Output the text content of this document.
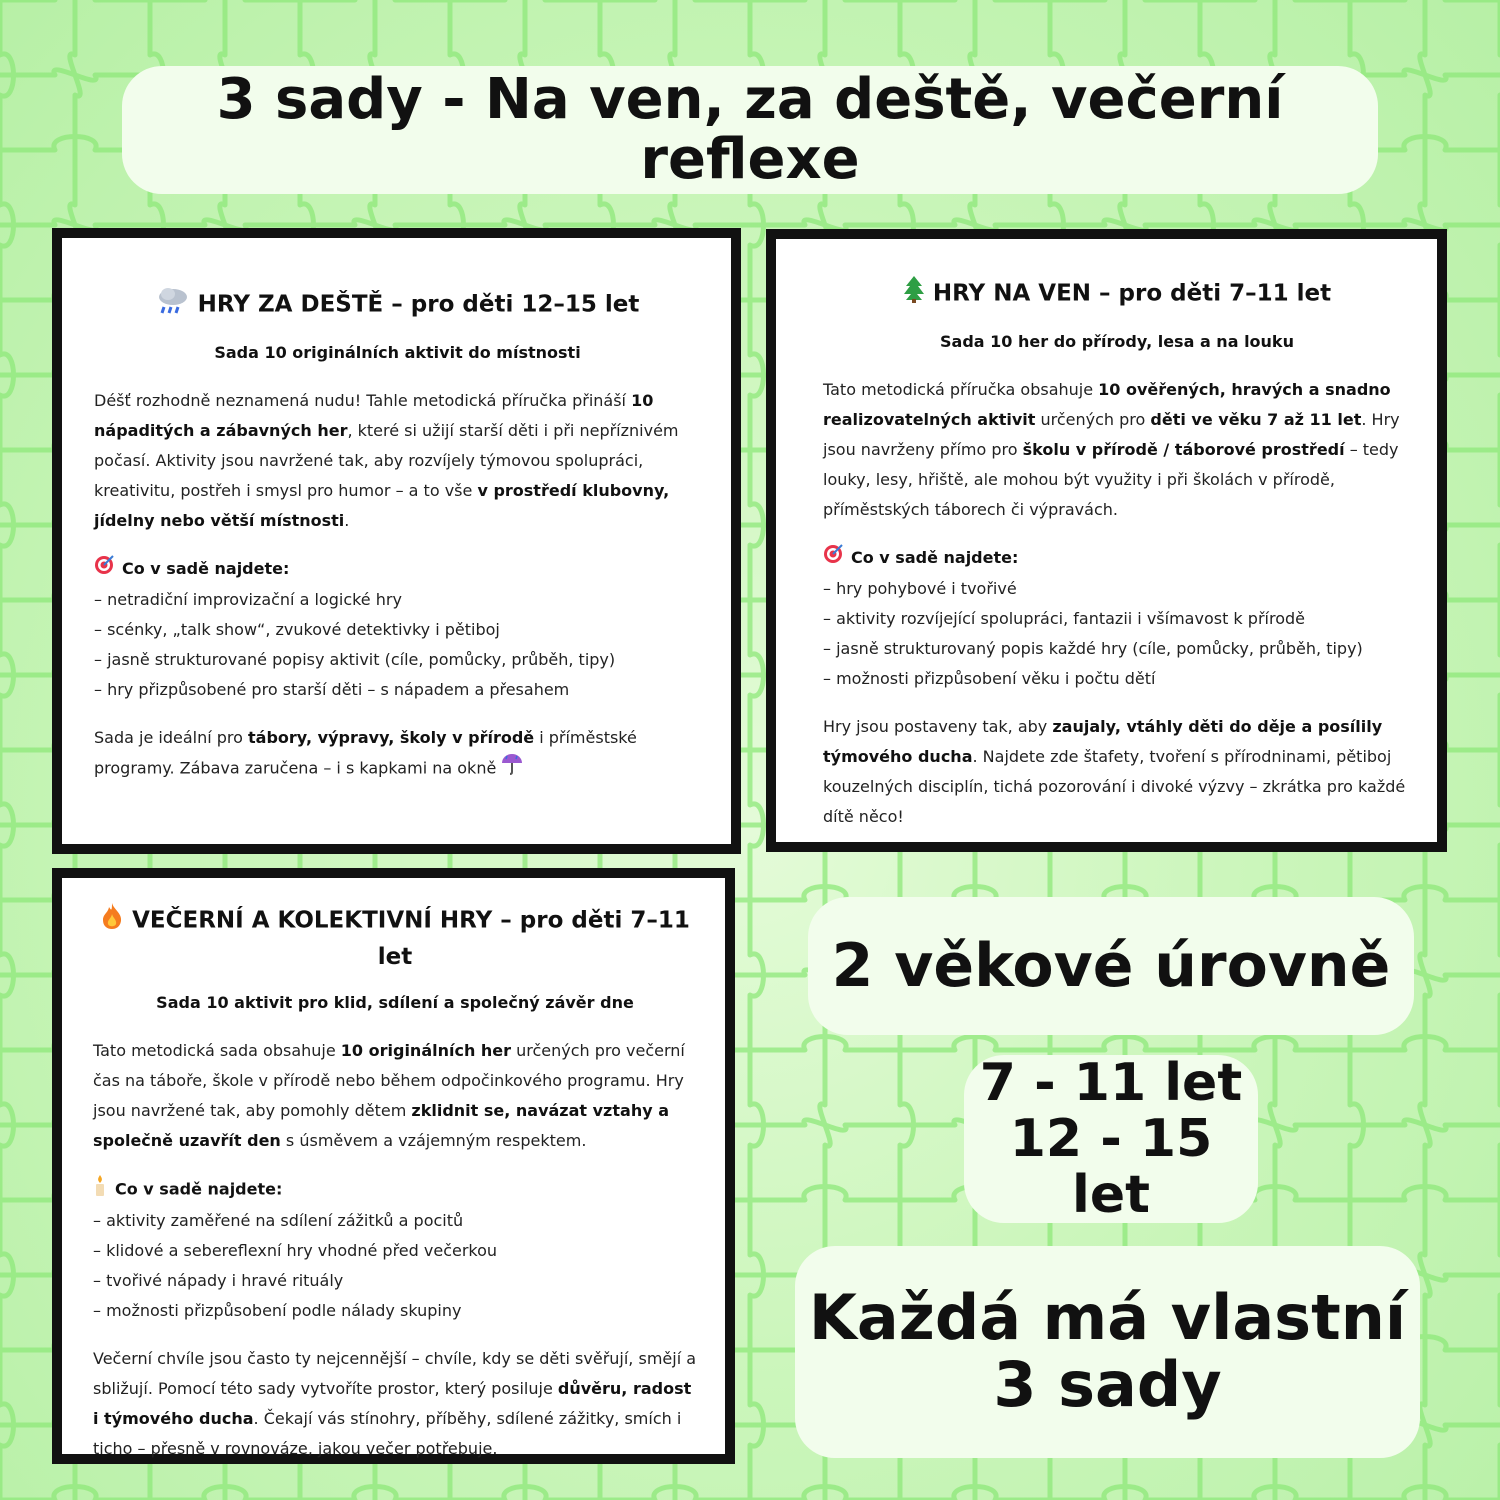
3 sady - Na ven, za deště, večerní reflexe
HRY ZA DEŠTĚ – pro děti 12–15 let
Sada 10 originálních aktivit do místnosti

Déšť rozhodně neznamená nudu! Tahle metodická příručka přináší 10 nápaditých a zábavných her, které si užijí starší děti i při nepříznivém počasí. Aktivity jsou navržené tak, aby rozvíjely týmovou spolupráci, kreativitu, postřeh i smysl pro humor – a to vše v prostředí klubovny, jídelny nebo větší místnosti.

Co v sadě najdete:

– netradiční improvizační a logické hry

– scénky, „talk show“, zvukové detektivky i pětiboj

– jasně strukturované popisy aktivit (cíle, pomůcky, průběh, tipy)

– hry přizpůsobené pro starší děti – s nápadem a přesahem

Sada je ideální pro tábory, výpravy, školy v přírodě i příměstské programy. Zábava zaručena – i s kapkami na okně

HRY NA VEN – pro děti 7–11 let
Sada 10 her do přírody, lesa a na louku

Tato metodická příručka obsahuje 10 ověřených, hravých a snadno realizovatelných aktivit určených pro děti ve věku 7 až 11 let. Hry jsou navrženy přímo pro školu v přírodě / táborové prostředí – tedy louky, lesy, hřiště, ale mohou být využity i při školách v přírodě, příměstských táborech či výpravách.

Co v sadě najdete:

– hry pohybové i tvořivé

– aktivity rozvíjející spolupráci, fantazii i všímavost k přírodě

– jasně strukturovaný popis každé hry (cíle, pomůcky, průběh, tipy)

– možnosti přizpůsobení věku i počtu dětí

Hry jsou postaveny tak, aby zaujaly, vtáhly děti do děje a posílily týmového ducha. Najdete zde štafety, tvoření s přírodninami, pětiboj kouzelných disciplín, tichá pozorování i divoké výzvy – zkrátka pro každé dítě něco!

VEČERNÍ A KOLEKTIVNÍ HRY – pro děti 7–11 let
Sada 10 aktivit pro klid, sdílení a společný závěr dne

Tato metodická sada obsahuje 10 originálních her určených pro večerní čas na táboře, škole v přírodě nebo během odpočinkového programu. Hry jsou navržené tak, aby pomohly dětem zklidnit se, navázat vztahy a společně uzavřít den s úsměvem a vzájemným respektem.

Co v sadě najdete:

– aktivity zaměřené na sdílení zážitků a pocitů

– klidové a sebereflexní hry vhodné před večerkou

– tvořivé nápady i hravé rituály

– možnosti přizpůsobení podle nálady skupiny

Večerní chvíle jsou často ty nejcennější – chvíle, kdy se děti svěřují, smějí a sbližují. Pomocí této sady vytvoříte prostor, který posiluje důvěru, radost i týmového ducha. Čekají vás stínohry, příběhy, sdílené zážitky, smích i ticho – přesně v rovnováze, jakou večer potřebuje.

2 věkové úrovně
7 - 11 let
12 - 15 let
Každá má vlastní
3 sady
